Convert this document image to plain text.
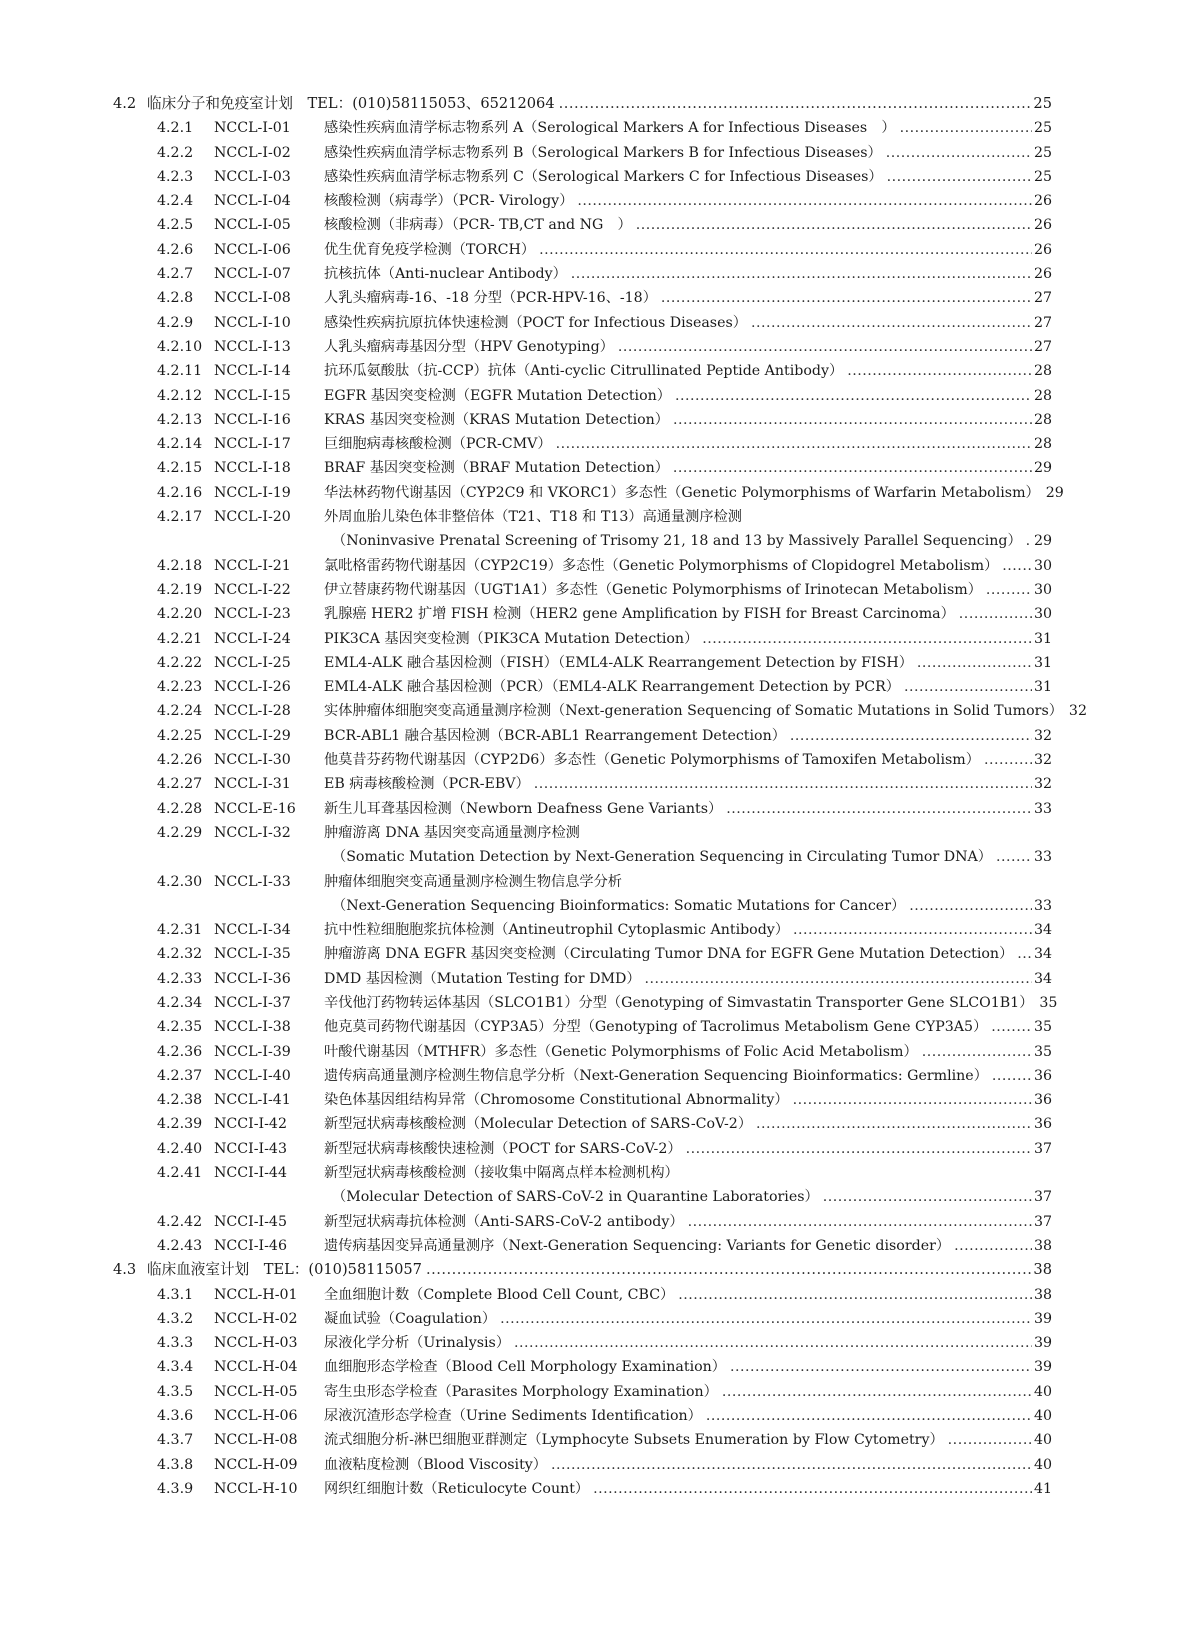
4.2 临床分子和免疫室计划　TEL：(010)58115053、65212064 .....	25
4.2.1 NCCL-I-01 感染性疾病血清学标志物系列 A（Serological Markers A for Infectious Diseases　） .....	25
4.2.2 NCCL-I-02 感染性疾病血清学标志物系列 B（Serological Markers B for Infectious Diseases） .....	25
4.2.3 NCCL-I-03 感染性疾病血清学标志物系列 C（Serological Markers C for Infectious Diseases） .....	25
4.2.4 NCCL-I-04 核酸检测（病毒学）（PCR- Virology） .....	26
4.2.5 NCCL-I-05 核酸检测（非病毒）（PCR- TB,CT and NG　） .....	26
4.2.6 NCCL-I-06 优生优育免疫学检测（TORCH） .....	26
4.2.7 NCCL-I-07 抗核抗体（Anti-nuclear Antibody） .....	26
4.2.8 NCCL-I-08 人乳头瘤病毒-16、-18 分型（PCR-HPV-16、-18） .....	27
4.2.9 NCCL-I-10 感染性疾病抗原抗体快速检测（POCT for Infectious Diseases） .....	27
4.2.10 NCCL-I-13 人乳头瘤病毒基因分型（HPV Genotyping） .....	27
4.2.11 NCCL-I-14 抗环瓜氨酸肽（抗-CCP）抗体（Anti-cyclic Citrullinated Peptide Antibody） .....	28
4.2.12 NCCL-I-15 EGFR 基因突变检测（EGFR Mutation Detection） .....	28
4.2.13 NCCL-I-16 KRAS 基因突变检测（KRAS Mutation Detection） .....	28
4.2.14 NCCL-I-17 巨细胞病毒核酸检测（PCR-CMV） .....	28
4.2.15 NCCL-I-18 BRAF 基因突变检测（BRAF Mutation Detection） .....	29
4.2.16 NCCL-I-19 华法林药物代谢基因（CYP2C9 和 VKORC1）多态性（Genetic Polymorphisms of Warfarin Metabolism） 29
4.2.17 NCCL-I-20 外周血胎儿染色体非整倍体（T21、T18 和 T13）高通量测序检测
（Noninvasive Prenatal Screening of Trisomy 21, 18 and 13 by Massively Parallel Sequencing） ..... 29
4.2.18 NCCL-I-21 氯吡格雷药物代谢基因（CYP2C19）多态性（Genetic Polymorphisms of Clopidogrel Metabolism） .....	30
4.2.19 NCCL-I-22 伊立替康药物代谢基因（UGT1A1）多态性（Genetic Polymorphisms of Irinotecan Metabolism） .....	30
4.2.20 NCCL-I-23 乳腺癌 HER2 扩增 FISH 检测（HER2 gene Amplification by FISH for Breast Carcinoma） .....	30
4.2.21 NCCL-I-24 PIK3CA 基因突变检测（PIK3CA Mutation Detection） .....	31
4.2.22 NCCL-I-25 EML4-ALK 融合基因检测（FISH）（EML4-ALK Rearrangement Detection by FISH） .....	31
4.2.23 NCCL-I-26 EML4-ALK 融合基因检测（PCR）（EML4-ALK Rearrangement Detection by PCR） .....	31
4.2.24 NCCL-I-28 实体肿瘤体细胞突变高通量测序检测（Next-generation Sequencing of Somatic Mutations in Solid Tumors） 32
4.2.25 NCCL-I-29 BCR-ABL1 融合基因检测（BCR-ABL1 Rearrangement Detection） .....	32
4.2.26 NCCL-I-30 他莫昔芬药物代谢基因（CYP2D6）多态性（Genetic Polymorphisms of Tamoxifen Metabolism） .....	32
4.2.27 NCCL-I-31 EB 病毒核酸检测（PCR-EBV） .....	32
4.2.28 NCCL-E-16 新生儿耳聋基因检测（Newborn Deafness Gene Variants） .....	33
4.2.29 NCCL-I-32 肿瘤游离 DNA 基因突变高通量测序检测
（Somatic Mutation Detection by Next-Generation Sequencing in Circulating Tumor DNA） .....	33
4.2.30 NCCL-I-33 肿瘤体细胞突变高通量测序检测生物信息学分析
（Next-Generation Sequencing Bioinformatics: Somatic Mutations for Cancer） .....	33
4.2.31 NCCL-I-34 抗中性粒细胞胞浆抗体检测（Antineutrophil Cytoplasmic Antibody） .....	34
4.2.32 NCCL-I-35 肿瘤游离 DNA EGFR 基因突变检测（Circulating Tumor DNA for EGFR Gene Mutation Detection） ..... 34
4.2.33 NCCL-I-36 DMD 基因检测（Mutation Testing for DMD） .....	34
4.2.34 NCCL-I-37 辛伐他汀药物转运体基因（SLCO1B1）分型（Genotyping of Simvastatin Transporter Gene SLCO1B1） 35
4.2.35 NCCL-I-38 他克莫司药物代谢基因（CYP3A5）分型（Genotyping of Tacrolimus Metabolism Gene CYP3A5） .....	35
4.2.36 NCCL-I-39 叶酸代谢基因（MTHFR）多态性（Genetic Polymorphisms of Folic Acid Metabolism） .....	35
4.2.37 NCCL-I-40 遗传病高通量测序检测生物信息学分析（Next-Generation Sequencing Bioinformatics: Germline） .....	36
4.2.38 NCCL-I-41 染色体基因组结构异常（Chromosome Constitutional Abnormality） .....	36
4.2.39 NCCI-I-42	新型冠状病毒核酸检测（Molecular Detection of SARS-CoV-2） .....	36
4.2.40 NCCI-I-43	新型冠状病毒核酸快速检测（POCT for SARS-CoV-2） .....	37
4.2.41 NCCI-I-44	新型冠状病毒核酸检测（接收集中隔离点样本检测机构）
（Molecular Detection of SARS-CoV-2 in Quarantine Laboratories） .....	37
4.2.42 NCCI-I-45	新型冠状病毒抗体检测（Anti-SARS-CoV-2 antibody） .....	37
4.2.43 NCCI-I-46	遗传病基因变异高通量测序（Next-Generation Sequencing: Variants for Genetic disorder） .....	38
4.3 临床血液室计划　TEL：(010)58115057 .....	38
4.3.1 NCCL-H-01 全血细胞计数（Complete Blood Cell Count, CBC） .....	38
4.3.2 NCCL-H-02 凝血试验（Coagulation） .....	39
4.3.3 NCCL-H-03 尿液化学分析（Urinalysis） .....	39
4.3.4 NCCL-H-04 血细胞形态学检查（Blood Cell Morphology Examination） .....	39
4.3.5 NCCL-H-05 寄生虫形态学检查（Parasites Morphology Examination） .....	40
4.3.6 NCCL-H-06 尿液沉渣形态学检查（Urine Sediments Identification） .....	40
4.3.7 NCCL-H-08 流式细胞分析-淋巴细胞亚群测定（Lymphocyte Subsets Enumeration by Flow Cytometry） .....	40
4.3.8 NCCL-H-09 血液粘度检测（Blood Viscosity） .....	40
4.3.9 NCCL-H-10 网织红细胞计数（Reticulocyte Count） .....	41
